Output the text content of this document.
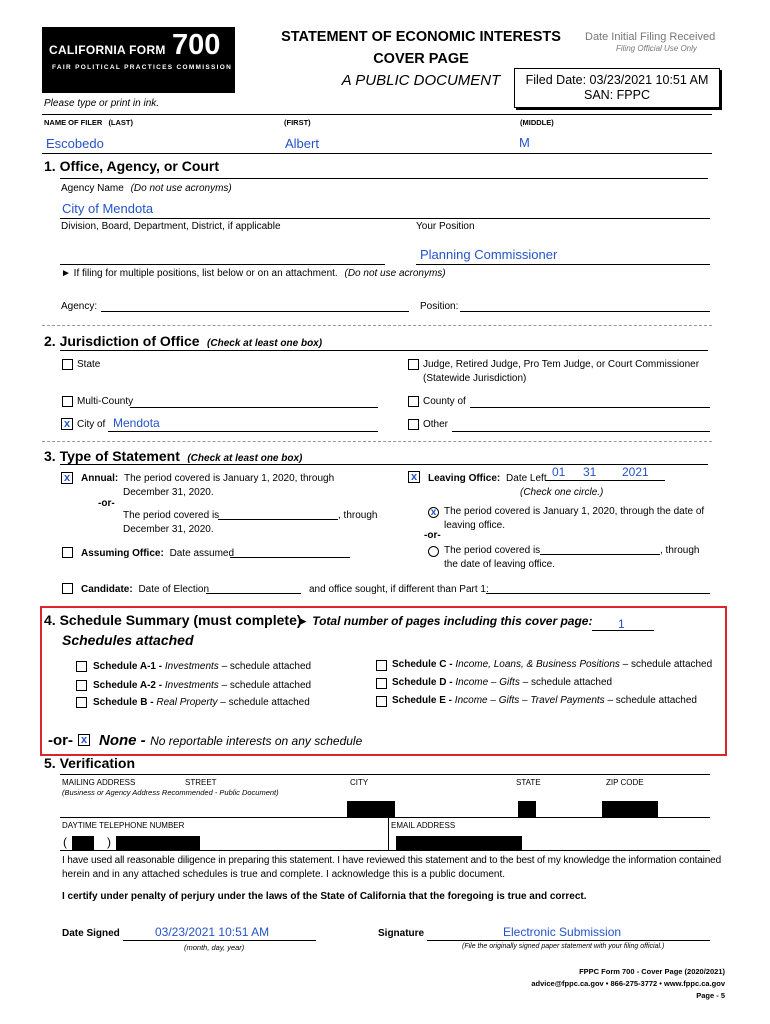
CALIFORNIA FORM 700
FAIR POLITICAL PRACTICES COMMISSION
STATEMENT OF ECONOMIC INTERESTS
COVER PAGE
A PUBLIC DOCUMENT
Date Initial Filing Received
Filing Official Use Only
Filed Date: 03/23/2021 10:51 AM
SAN: FPPC
Please type or print in ink.
NAME OF FILER (LAST)	(FIRST)	(MIDDLE)
Escobedo	Albert	M
1. Office, Agency, or Court
Agency Name (Do not use acronyms)
City of Mendota
Division, Board, Department, District, if applicable	Your Position
Planning Commissioner
► If filing for multiple positions, list below or on an attachment. (Do not use acronyms)
Agency:	Position:
2. Jurisdiction of Office (Check at least one box)
State	Judge, Retired Judge, Pro Tem Judge, or Court Commissioner
(Statewide Jurisdiction)
Multi-County	County of
x City of Mendota	Other
3. Type of Statement (Check at least one box)
x Annual: The period covered is January 1, 2020, through
December 31, 2020.
-or-
The period covered is	, through
December 31, 2020.
Assuming Office: Date assumed
x Leaving Office: Date Left 01 31 2021
(Check one circle.)
x The period covered is January 1, 2020, through the date of
leaving office.
-or-
The period covered is	, through
the date of leaving office.
Candidate: Date of Election	and office sought, if different than Part 1:
4. Schedule Summary (must complete)
► Total number of pages including this cover page: 1
Schedules attached
Schedule A-1 - Investments – schedule attached
Schedule A-2 - Investments – schedule attached
Schedule B - Real Property – schedule attached
Schedule C - Income, Loans, & Business Positions – schedule attached
Schedule D - Income – Gifts – schedule attached
Schedule E - Income – Gifts – Travel Payments – schedule attached
-or- x None - No reportable interests on any schedule
5. Verification
MAILING ADDRESS	STREET	CITY	STATE	ZIP CODE
(Business or Agency Address Recommended - Public Document)
DAYTIME TELEPHONE NUMBER	EMAIL ADDRESS
(	)
I have used all reasonable diligence in preparing this statement. I have reviewed this statement and to the best of my knowledge the information contained
herein and in any attached schedules is true and complete. I acknowledge this is a public document.
I certify under penalty of perjury under the laws of the State of California that the foregoing is true and correct.
Date Signed	03/23/2021 10:51 AM
(month, day, year)
Signature	Electronic Submission
(File the originally signed paper statement with your filing official.)
FPPC Form 700 - Cover Page (2020/2021)
advice@fppc.ca.gov • 866-275-3772 • www.fppc.ca.gov
Page - 5
